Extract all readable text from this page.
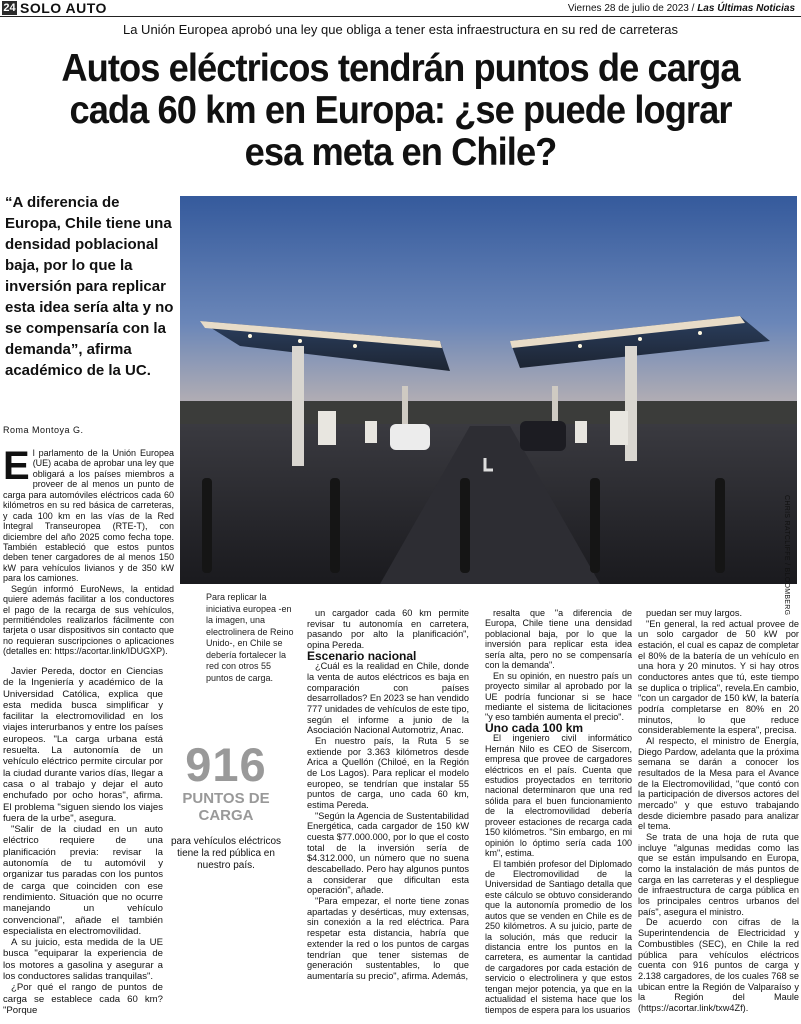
24 SOLO AUTO	Viernes 28 de julio de 2023 / Las Últimas Noticias
La Unión Europea aprobó una ley que obliga a tener esta infraestructura en su red de carreteras
Autos eléctricos tendrán puntos de carga cada 60 km en Europa: ¿se puede lograr esa meta en Chile?
“A diferencia de Europa, Chile tiene una densidad poblacional baja, por lo que la inversión para replicar esta idea sería alta y no se compensaría con la demanda”, afirma académico de la UC.
Roma Montoya G.
CHRIS RATCLIFFE / BLOOMBERG
Para replicar la iniciativa europea -en la imagen, una electrolinera de Reino Unido-, en Chile se debería fortalecer la red con otros 55 puntos de carga.
E l parlamento de la Unión Europea (UE) acaba de aprobar una ley que obligará a los países miembros a proveer de al menos un punto de carga para automóviles eléctricos cada 60 kilómetros en su red básica de carreteras, y cada 100 km en las vías de la Red Integral Transeuropea (RTE-T), con diciembre del año 2025 como fecha tope. También estableció que estos puntos deben tener cargadores de al menos 150 kW para vehículos livianos y de 350 kW para los camiones.

Según informó EuroNews, la entidad quiere además facilitar a los conductores el pago de la recarga de sus vehículos, permitiéndoles realizarlos fácilmente con tarjeta o usar dispositivos sin contacto que no requieran suscripciones o aplicaciones (detalles en: https://acortar.link/IDUGXP).

916
PUNTOS DE CARGA
para vehículos eléctricos tiene la red pública en nuestro país.

Javier Pereda, doctor en Ciencias de la Ingeniería y académico de la Universidad Católica, explica que esta medida busca simplificar y facilitar la electromovilidad en los viajes interurbanos y entre los países europeos. "La carga urbana está resuelta. La autonomía de un vehículo eléctrico permite circular por la ciudad durante varios días, llegar a casa o al trabajo y dejar el auto enchufado por ocho horas", afirma. El problema "siguen siendo los viajes fuera de la urbe", asegura.

"Salir de la ciudad en un auto eléctrico requiere de una planificación previa: revisar la autonomía de tu automóvil y organizar tus paradas con los puntos de carga que coinciden con ese rendimiento. Situación que no ocurre manejando un vehículo convencional", añade el también especialista en electromovilidad.

A su juicio, esta medida de la UE busca "equiparar la experiencia de los motores a gasolina y asegurar a los conductores salidas tranquilas".

¿Por qué el rango de puntos de carga se establece cada 60 km? "Porque

un cargador cada 60 km permite revisar tu autonomía en carretera, pasando por alto la planificación", opina Pereda.

Escenario nacional

¿Cuál es la realidad en Chile, donde la venta de autos eléctricos es baja en comparación con países desarrollados? En 2023 se han vendido 777 unidades de vehículos de este tipo, según el informe a junio de la Asociación Nacional Automotriz, Anac.

En nuestro país, la Ruta 5 se extiende por 3.363 kilómetros desde Arica a Quellón (Chiloé, en la Región de Los Lagos). Para replicar el modelo europeo, se tendrían que instalar 55 puntos de carga, uno cada 60 km, estima Pereda.

"Según la Agencia de Sustentabilidad Energética, cada cargador de 150 kW cuesta $77.000.000, por lo que el costo total de la inversión sería de $4.312.000, un número que no suena descabellado. Pero hay algunos puntos a considerar que dificultan esta operación", añade.

"Para empezar, el norte tiene zonas apartadas y desérticas, muy extensas, sin conexión a la red eléctrica. Para respetar esta distancia, habría que extender la red o los puntos de cargas tendrían que tener sistemas de generación sustentables, lo que aumentaría su precio", afirma. Además,

resalta que "a diferencia de Europa, Chile tiene una densidad poblacional baja, por lo que la inversión para replicar esta idea sería alta, pero no se compensaría con la demanda".

En su opinión, en nuestro país un proyecto similar al aprobado por la UE podría funcionar si se hace mediante el sistema de licitaciones "y eso también aumenta el precio".

Uno cada 100 km

El ingeniero civil informático Hernán Nilo es CEO de Sisercom, empresa que provee de cargadores eléctricos en el país. Cuenta que estudios proyectados en territorio nacional determinaron que una red sólida para el buen funcionamiento de la electromovilidad debería proveer estaciones de recarga cada 150 kilómetros. "Sin embargo, en mi opinión lo óptimo sería cada 100 km", estima.

El también profesor del Diplomado de Electromovilidad de la Universidad de Santiago detalla que este cálculo se obtuvo considerando que la autonomía promedio de los autos que se venden en Chile es de 250 kilómetros. A su juicio, parte de la solución, más que reducir la distancia entre los puntos en la carretera, es aumentar la cantidad de cargadores por cada estación de servicio o electrolinera y que estos tengan mejor potencia, ya que en la actualidad el sistema hace que los tiempos de espera para los usuarios

puedan ser muy largos.

"En general, la red actual provee de un solo cargador de 50 kW por estación, el cual es capaz de completar el 80% de la batería de un vehículo en una hora y 20 minutos. Y si hay otros conductores antes que tú, este tiempo se duplica o triplica", revela.En cambio, "con un cargador de 150 kW, la batería podría completarse en 80% en 20 minutos, lo que reduce considerablemente la espera", precisa.

Al respecto, el ministro de Energía, Diego Pardow, adelanta que la próxima semana se darán a conocer los resultados de la Mesa para el Avance de la Electromovilidad, "que contó con la participación de diversos actores del mercado" y que estuvo trabajando desde diciembre pasado para analizar el tema.

Se trata de una hoja de ruta que incluye "algunas medidas como las que se están impulsando en Europa, como la instalación de más puntos de carga en las carreteras y el despliegue de infraestructura de carga pública en los principales centros urbanos del país", asegura el ministro.

De acuerdo con cifras de la Superintendencia de Electricidad y Combustibles (SEC), en Chile la red pública para vehículos eléctricos cuenta con 916 puntos de carga y 2.138 cargadores, de los cuales 768 se ubican entre la Región de Valparaíso y la Región del Maule (https://acortar.link/txw4Zf).
